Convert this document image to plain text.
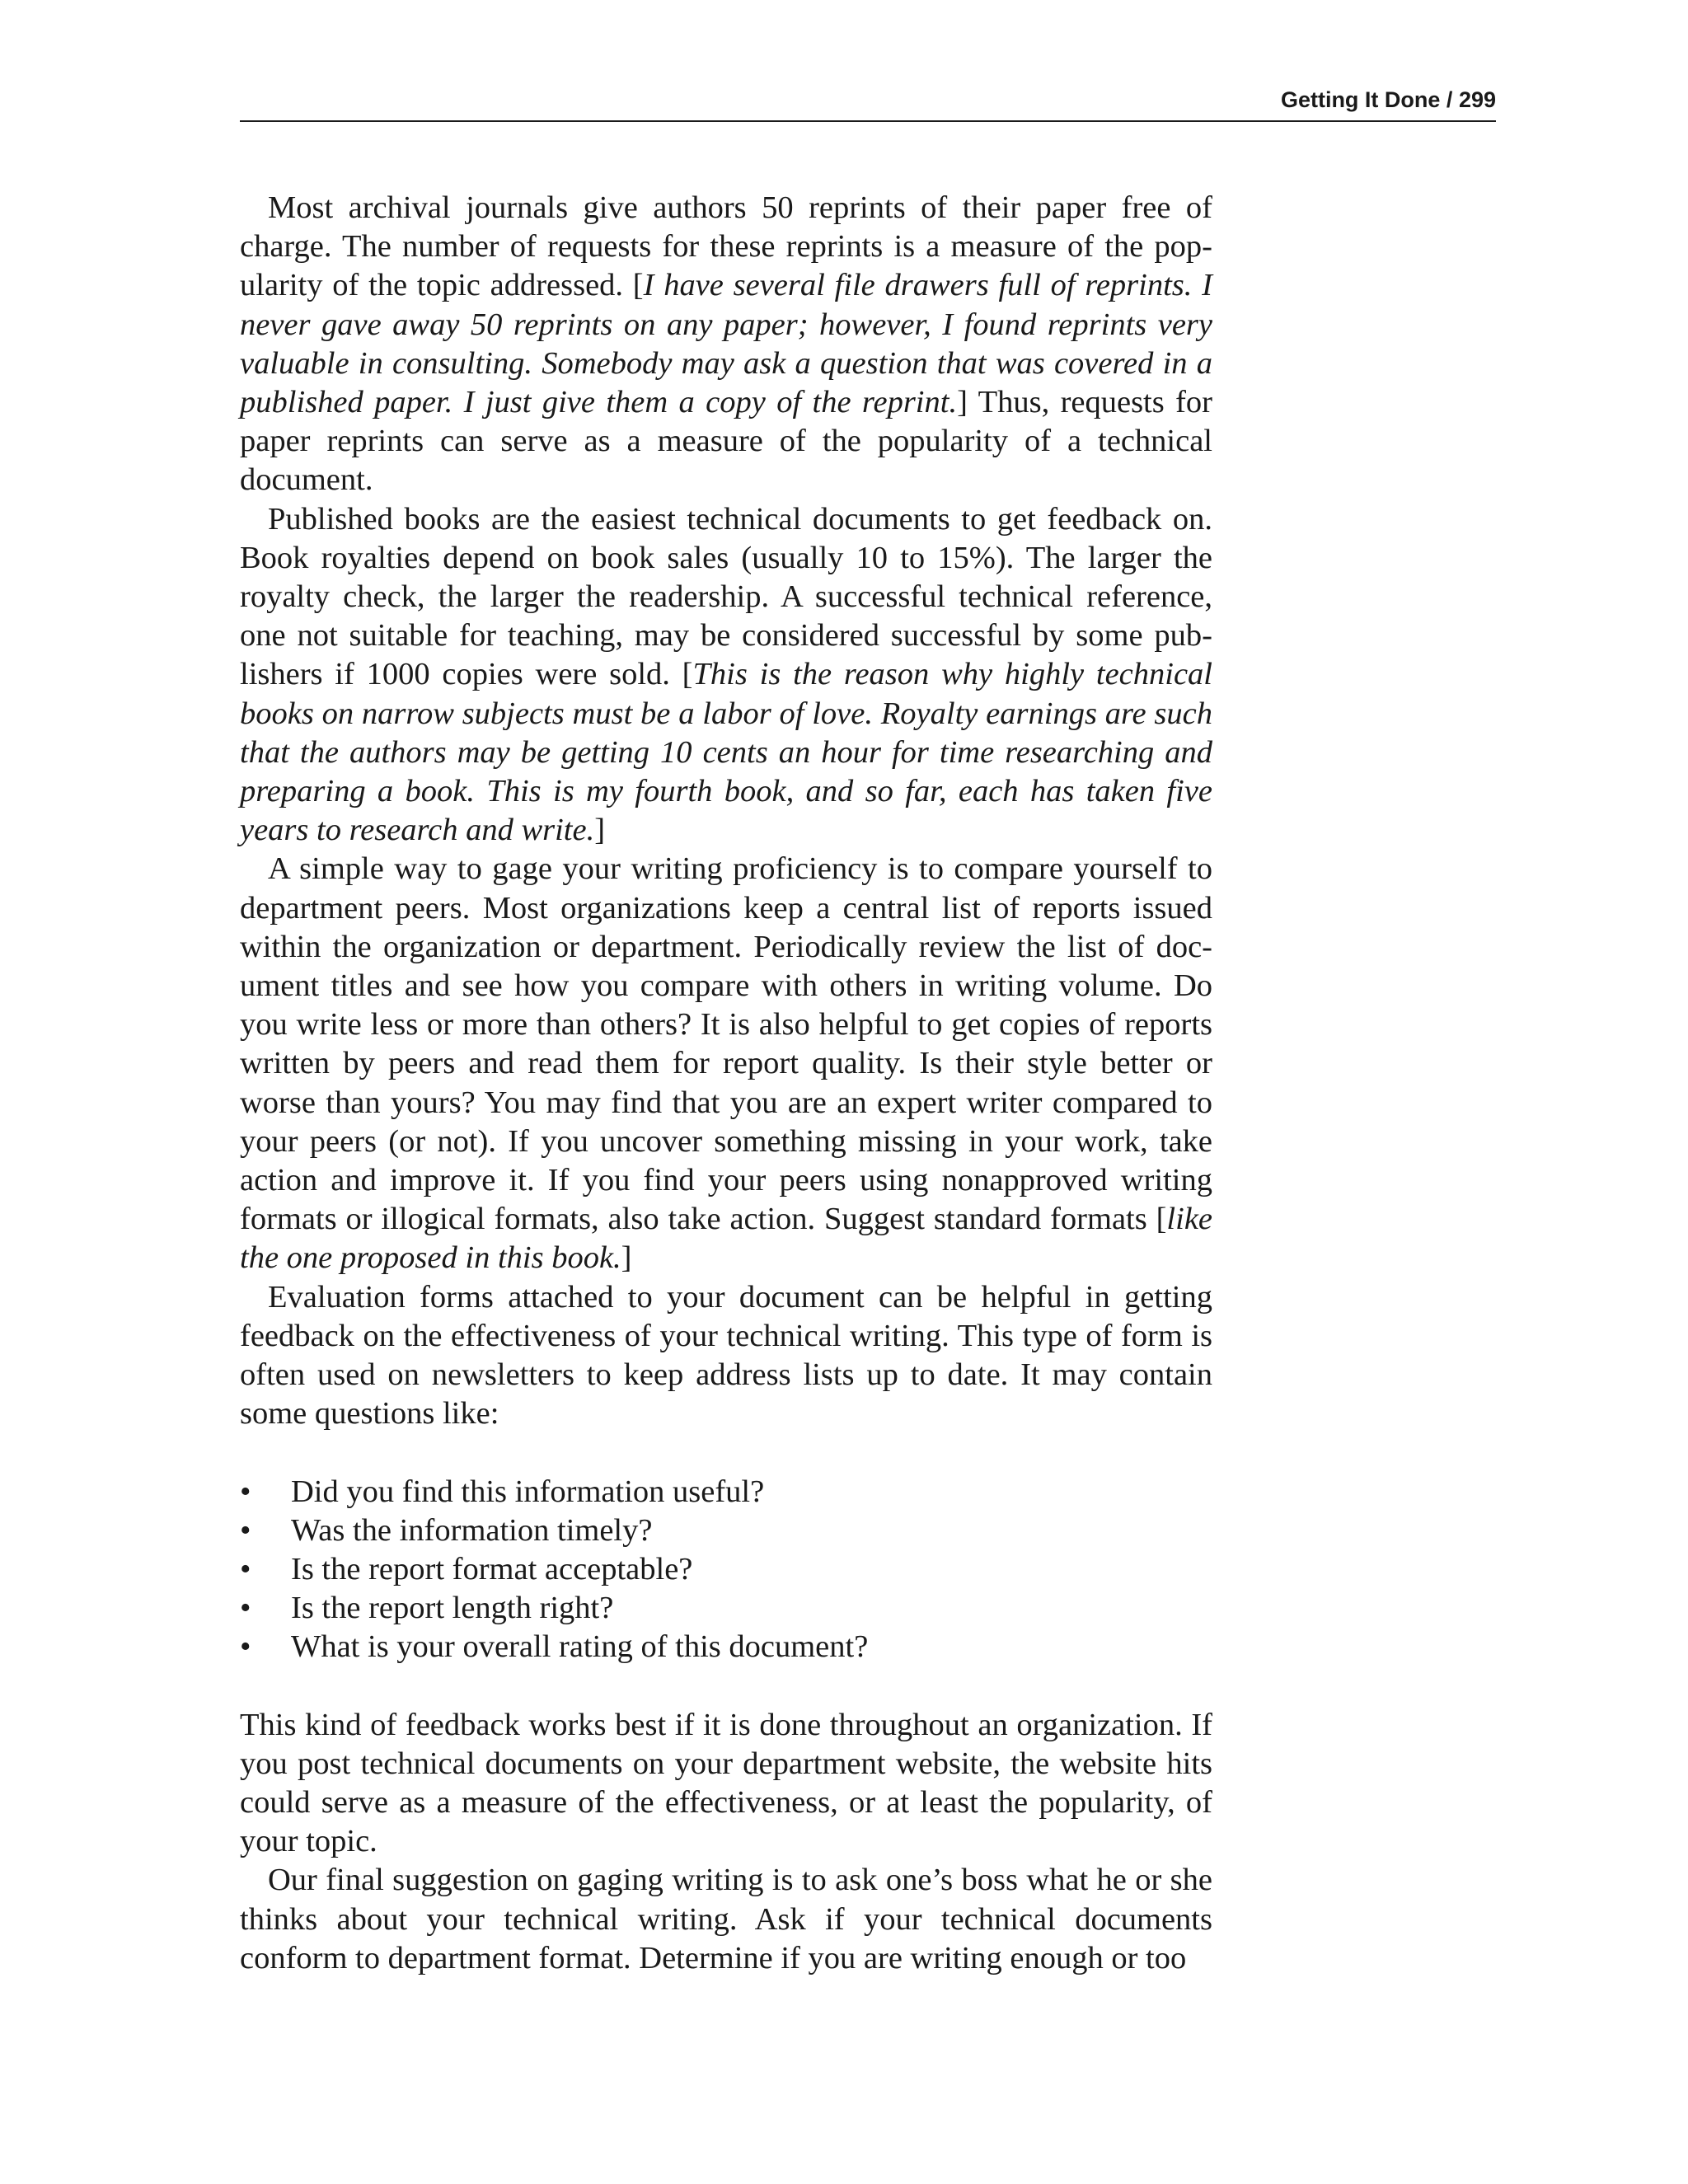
Getting It Done / 299

Most archival journals give authors 50 reprints of their paper free of charge. The number of requests for these reprints is a measure of the popularity of the topic addressed. [I have several file drawers full of reprints. I never gave away 50 reprints on any paper; however, I found reprints very valuable in consulting. Somebody may ask a question that was covered in a published paper. I just give them a copy of the reprint.] Thus, requests for paper reprints can serve as a measure of the popularity of a technical document.

Published books are the easiest technical documents to get feedback on. Book royalties depend on book sales (usually 10 to 15%). The larger the royalty check, the larger the readership. A successful technical reference, one not suitable for teaching, may be considered successful by some publishers if 1000 copies were sold. [This is the reason why highly technical books on narrow subjects must be a labor of love. Royalty earnings are such that the authors may be getting 10 cents an hour for time researching and preparing a book. This is my fourth book, and so far, each has taken five years to research and write.]

A simple way to gage your writing proficiency is to compare yourself to department peers. Most organizations keep a central list of reports issued within the organization or department. Periodically review the list of document titles and see how you compare with others in writing volume. Do you write less or more than others? It is also helpful to get copies of reports written by peers and read them for report quality. Is their style better or worse than yours? You may find that you are an expert writer compared to your peers (or not). If you uncover something missing in your work, take action and improve it. If you find your peers using nonapproved writing formats or illogical formats, also take action. Suggest standard formats [like the one proposed in this book.]

Evaluation forms attached to your document can be helpful in getting feedback on the effectiveness of your technical writing. This type of form is often used on newsletters to keep address lists up to date. It may contain some questions like:

• Did you find this information useful?
• Was the information timely?
• Is the report format acceptable?
• Is the report length right?
• What is your overall rating of this document?

This kind of feedback works best if it is done throughout an organization. If you post technical documents on your department website, the website hits could serve as a measure of the effectiveness, or at least the popularity, of your topic.

Our final suggestion on gaging writing is to ask one’s boss what he or she thinks about your technical writing. Ask if your technical documents conform to department format. Determine if you are writing enough or too
